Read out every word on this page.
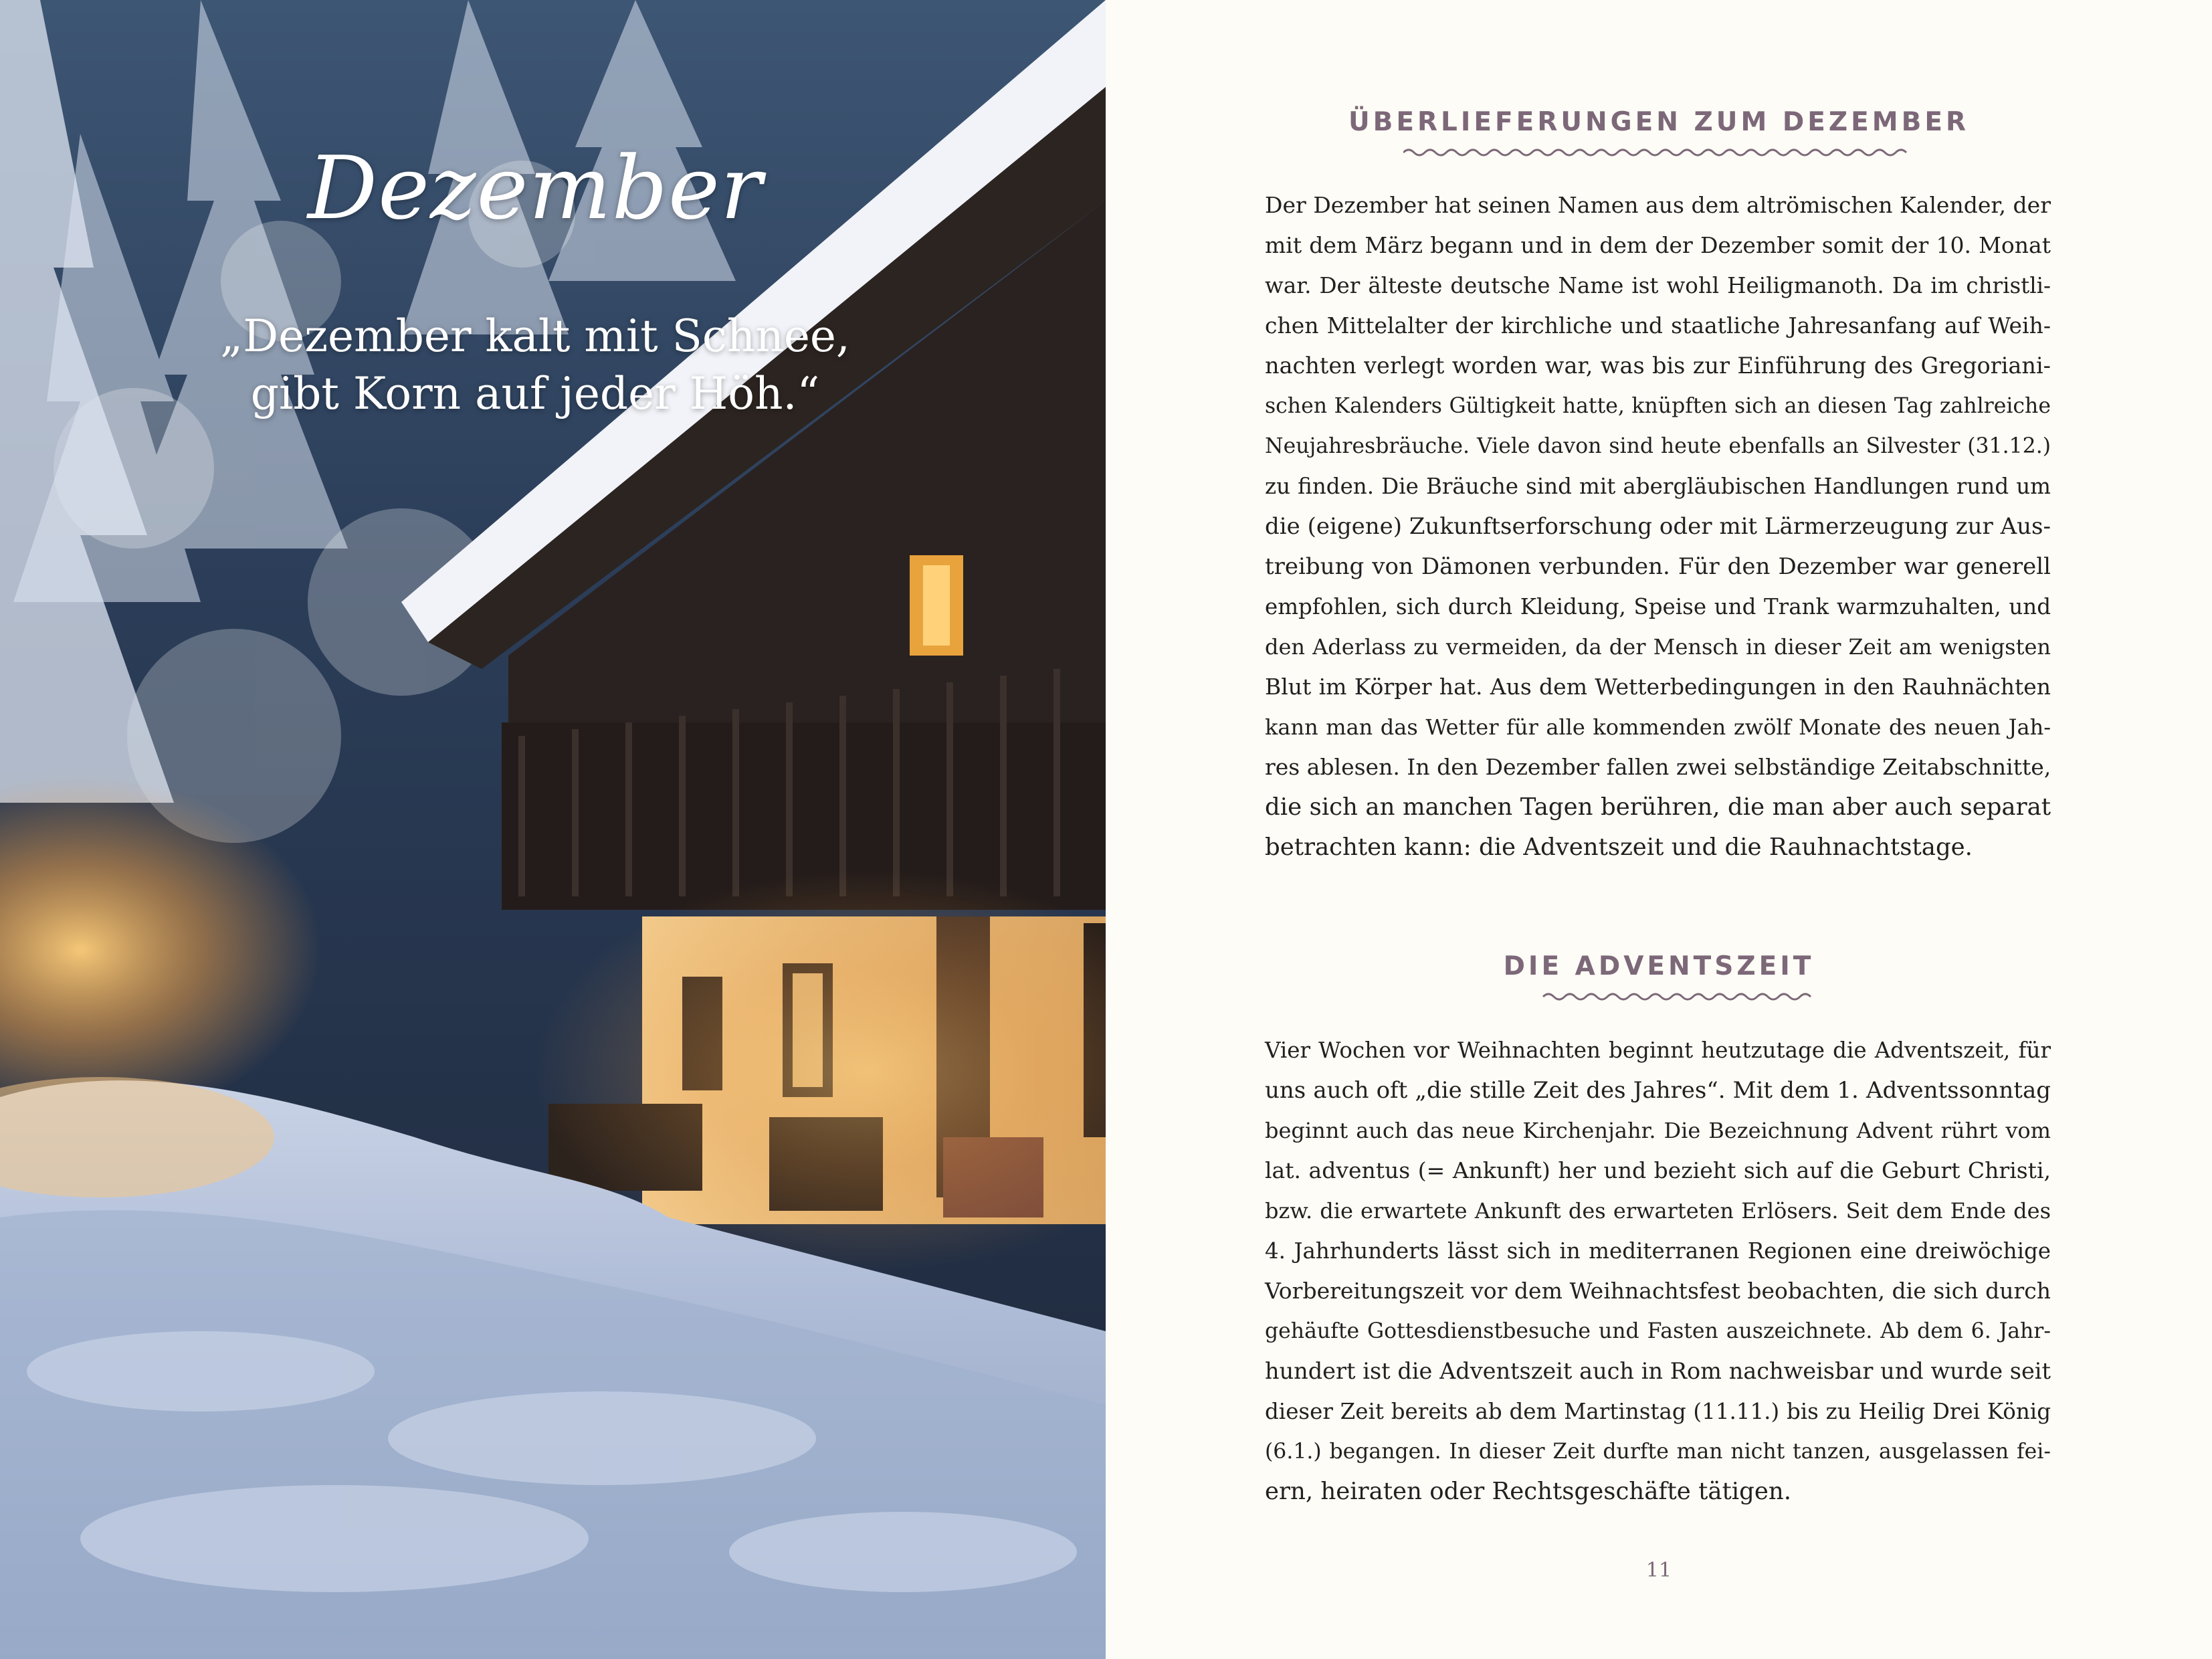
Dezember
„Dezember kalt mit Schnee,
gibt Korn auf jeder Höh.“
ÜBERLIEFERUNGEN ZUM DEZEMBER
Der Dezember hat seinen Namen aus dem altrömischen Kalender, der
mit dem März begann und in dem der Dezember somit der 10. Monat
war. Der älteste deutsche Name ist wohl Heiligmanoth. Da im christli-
chen Mittelalter der kirchliche und staatliche Jahresanfang auf Weih-
nachten verlegt worden war, was bis zur Einführung des Gregoriani-
schen Kalenders Gültigkeit hatte, knüpften sich an diesen Tag zahlreiche
Neujahresbräuche. Viele davon sind heute ebenfalls an Silvester (31.12.)
zu finden. Die Bräuche sind mit abergläubischen Handlungen rund um
die (eigene) Zukunftserforschung oder mit Lärmerzeugung zur Aus-
treibung von Dämonen verbunden. Für den Dezember war generell
empfohlen, sich durch Kleidung, Speise und Trank warmzuhalten, und
den Aderlass zu vermeiden, da der Mensch in dieser Zeit am wenigsten
Blut im Körper hat. Aus dem Wetterbedingungen in den Rauhnächten
kann man das Wetter für alle kommenden zwölf Monate des neuen Jah-
res ablesen. In den Dezember fallen zwei selbständige Zeitabschnitte,
die sich an manchen Tagen berühren, die man aber auch separat
betrachten kann: die Adventszeit und die Rauhnachtstage.
DIE ADVENTSZEIT
Vier Wochen vor Weihnachten beginnt heutzutage die Adventszeit, für
uns auch oft „die stille Zeit des Jahres“. Mit dem 1. Adventssonntag
beginnt auch das neue Kirchenjahr. Die Bezeichnung Advent rührt vom
lat. adventus (= Ankunft) her und bezieht sich auf die Geburt Christi,
bzw. die erwartete Ankunft des erwarteten Erlösers. Seit dem Ende des
4. Jahrhunderts lässt sich in mediterranen Regionen eine dreiwöchige
Vorbereitungszeit vor dem Weihnachtsfest beobachten, die sich durch
gehäufte Gottesdienstbesuche und Fasten auszeichnete. Ab dem 6. Jahr-
hundert ist die Adventszeit auch in Rom nachweisbar und wurde seit
dieser Zeit bereits ab dem Martinstag (11.11.) bis zu Heilig Drei König
(6.1.) begangen. In dieser Zeit durfte man nicht tanzen, ausgelassen fei-
ern, heiraten oder Rechtsgeschäfte tätigen.
11
